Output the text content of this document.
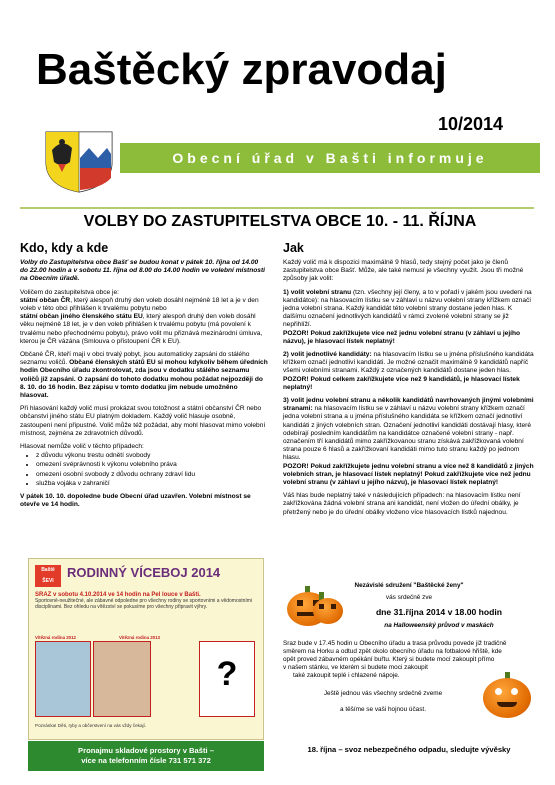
Baštěcký zpravodaj
10/2014
Obecní úřad v Bašti informuje
VOLBY DO ZASTUPITELSTVA OBCE 10. - 11. ŘÍJNA
Kdo, kdy a kde

Volby do Zastupitelstva obce Bašť se budou konat v pátek 10. října od 14.00 do 22.00 hodin a v sobotu 11. října od 8.00 do 14.00 hodin ve volební místnosti na Obecním úřadě.

Voličem do zastupitelstva obce je:
státní občan ČR, který alespoň druhý den voleb dosáhl nejméně 18 let a je v den voleb v této obci přihlášen k trvalému pobytu nebo
státní občan jiného členského státu EU, který alespoň druhý den voleb dosáhl věku nejméně 18 let, je v den voleb přihlášen k trvalému pobytu (má povolení k trvalému nebo přechodnému pobytu), právo volit mu přiznává mezinárodní úmluva, kterou je ČR vázána (Smlouva o přistoupení ČR k EU).

Občané ČR, kteří mají v obci trvalý pobyt, jsou automaticky zapsáni do stálého seznamu voličů. Občané členských států EU si mohou kdykoliv během úředních hodin Obecního úřadu zkontrolovat, zda jsou v dodatku stálého seznamu voličů již zapsáni. O zapsání do tohoto dodatku mohou požádat nejpozději do 8. 10. do 16 hodin. Bez zápisu v tomto dodatku jim nebude umožněno hlasovat.

Při hlasování každý volič musí prokázat svou totožnost a státní občanství ČR nebo občanství jiného státu EU platným dokladem. Každý volič hlasuje osobně, zastoupení není připustné. Volič může též požádat, aby mohl hlasovat mimo volební místnost, zejména ze zdravotních důvodů.

Hlasovat nemůže volič v těchto případech:

• z důvodu výkonu trestu odnětí svobody
• omezení svéprávnosti k výkonu volebního práva
• omezení osobní svobody z důvodu ochrany zdraví lidu
• služba vojáka v zahraničí

V pátek 10. 10. dopoledne bude Obecní úřad uzavřen. Volební místnost se otevře ve 14 hodin.

Jak

Každý volič má k dispozici maximálně 9 hlasů, tedy stejný počet jako je členů zastupitelstva obce Bašť. Může, ale také nemusí je všechny využít. Jsou tři možné způsoby jak volit:

1) volit volební stranu (tzn. všechny její členy, a to v pořadí v jakém jsou uvedeni na kandidátce): na hlasovacím lístku se v záhlaví u názvu volební strany křížkem označí jedna volební strana. Každý kandidát této volební strany dostane jeden hlas. K dalšímu označení jednotlivých kandidátů v rámci zvolené volební strany se již nepřihlíží.
POZOR! Pokud zakřížkujete více než jednu volební stranu (v záhlaví u jejího názvu), je hlasovací lístek neplatný!

2) volit jednotlivé kandidáty: na hlasovacím lístku se u jména příslušného kandidáta křížkem označí jednotliví kandidáti. Je možné označit maximálně 9 kandidátů napříč všemi volebními stranami. Každý z označených kandidátů dostane jeden hlas.
POZOR! Pokud celkem zakřížkujete více než 9 kandidátů, je hlasovací lístek neplatný!

3) volit jednu volební stranu a několik kandidátů navrhovaných jinými volebními stranami: na hlasovacím lístku se v záhlaví u názvu volební strany křížkem označí jedna volební strana a u jména příslušného kandidáta se křížkem označí jednotliví kandidáti z jiných volebních stran. Označení jednotliví kandidáti dostávají hlasy, které odebírají posledním kandidátům na kandidátce označené volební strany - např. označením tří kandidátů mimo zakřížkovanou stranu získává zakřížkovaná volební strana pouze 6 hlasů a zakřížkovaní kandidáti mimo tuto stranu každý po jednom hlasu.
POZOR! Pokud zakřížkujete jednu volební stranu a více než 8 kandidátů z jiných volebních stran, je hlasovací lístek neplatný! Pokud zakřížkujete více než jednu volební stranu (v záhlaví u jejího názvu), je hlasovací lístek neplatný!

Váš hlas bude neplatný také v následujících případech: na hlasovacím lístku není zakřížkována žádná volební strana ani kandidát, není vložen do úřední obálky, je přetržený nebo je do úřední obálky vloženo více hlasovacích lístků najednou.

Baště ŠEVI
RODINNÝ VÍCEBOJ 2014
SRAZ v sobotu 4.10.2014 ve 14 hodin na Pel louce v Bašti.
Sportovně-neužitečné, ale zábavné odpoledne pro všechny rodiny se sportovními a vědomostními disciplínami. Bez ohledu na vítězství se pokusíme pro všechny připravit výhry.
Vítězná rodina 2012	Vítězná rodina 2013
?
Pozvánka! Děti, ryby a občerstvení na vás vždy čekají.
Pronajmu skladové prostory v Bašti –
více na telefonním čísle 731 571 372
Nezávislé sdružení "Baštěcké ženy"
vás srdečně zve
dne 31.října 2014 v 18.00 hodin
na Halloweenský průvod v maskách
Sraz bude v 17.45 hodin u Obecního úřadu a trasa průvodu povede již tradičně
směrem na Horku a odtud zpět okolo obecního úřadu na fotbalové hřiště, kde
opět proved zábavném opékání buřtu. Který si budete mocí zakoupit přímo
v našem stánku, ve kterém si budete moci zakoupit
také zakoupit teplé i chlazené nápoje.
Ještě jednou vás všechny srdečně zveme
a těšíme se vaši hojnou účast.
18. října – svoz nebezpečného odpadu, sledujte vývěsky
